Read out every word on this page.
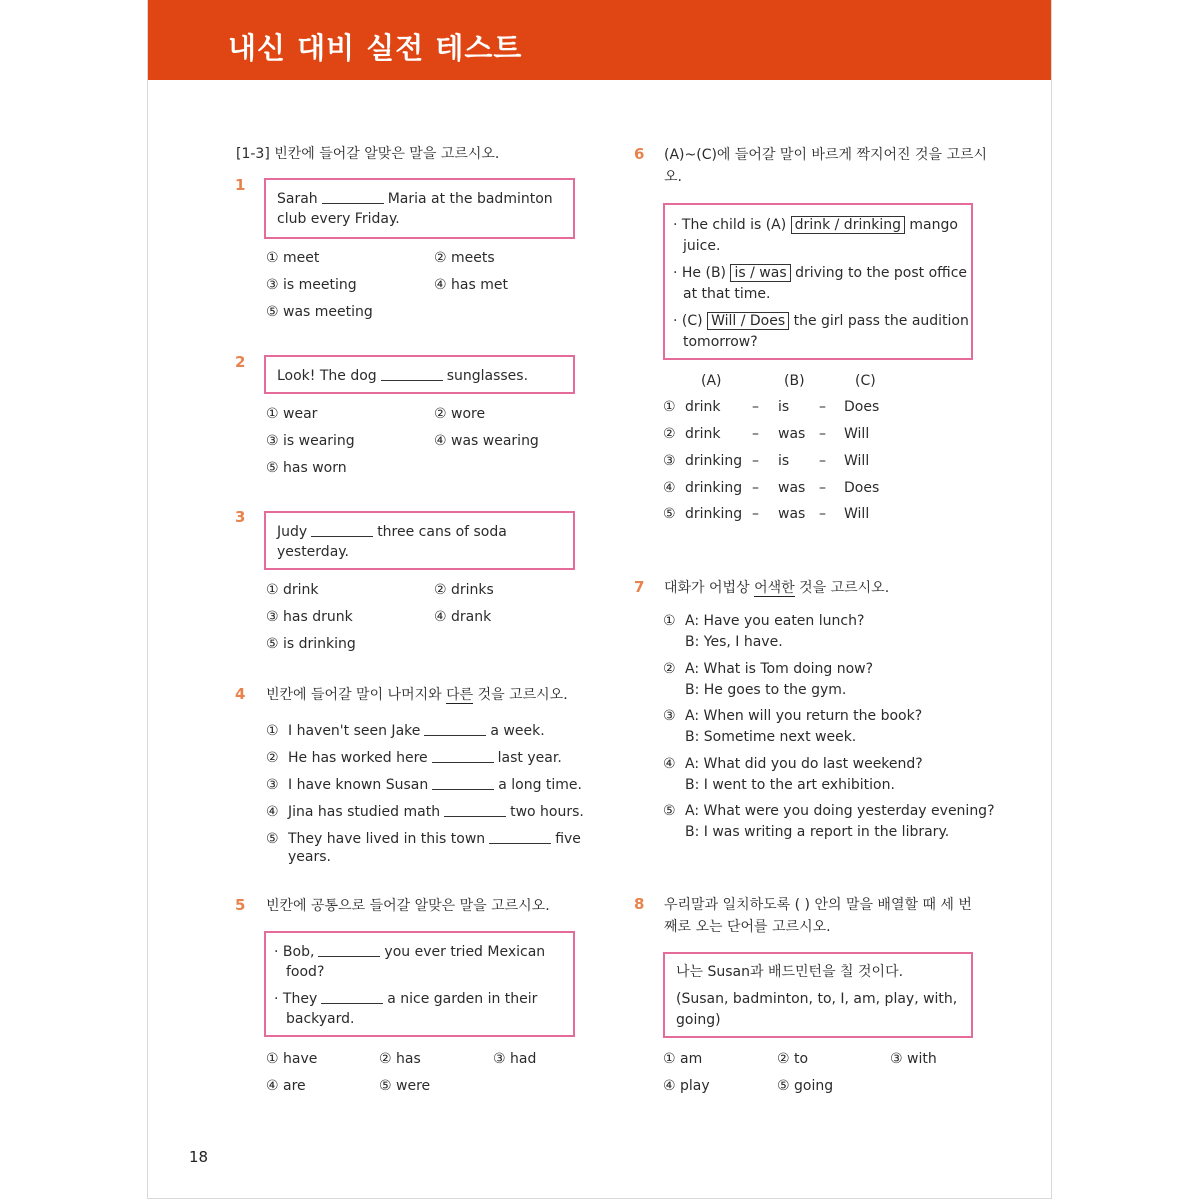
내신 대비 실전 테스트
[1-3] 빈칸에 들어갈 알맞은 말을 고르시오.
1
Sarah	Maria at the badminton
club every Friday.
① meet	② meets
③ is meeting	④ has met
⑤ was meeting
2
Look! The dog	sunglasses.
① wear	② wore
③ is wearing	④ was wearing
⑤ has worn
3
Judy	three cans of soda
yesterday.
① drink	② drinks
③ has drunk	④ drank
⑤ is drinking
4 빈칸에 들어갈 말이 나머지와 다른 것을 고르시오.
① I haven't seen Jake	a week.
② He has worked here	last year.
③ I have known Susan	a long time.
④ Jina has studied math	two hours.
⑤ They have lived in this town	five
years.
5 빈칸에 공통으로 들어갈 알맞은 말을 고르시오.
· Bob,	you ever tried Mexican
food?
· They	a nice garden in their
backyard.
① have	② has	③ had
④ are	⑤ were
6 (A)~(C)에 들어갈 말이 바르게 짝지어진 것을 고르시
오.
· The child is (A) drink / drinking mango
juice.
· He (B) is / was driving to the post office
at that time.
· (C) Will / Does the girl pass the audition
tomorrow?
(A)	(B)	(C)
① drink – is – Does
② drink – was – Will
③ drinking – is – Will
④ drinking – was – Does
⑤ drinking – was – Will
7 대화가 어법상 어색한 것을 고르시오.
① A: Have you eaten lunch?
B: Yes, I have.
② A: What is Tom doing now?
B: He goes to the gym.
③ A: When will you return the book?
B: Sometime next week.
④ A: What did you do last weekend?
B: I went to the art exhibition.
⑤ A: What were you doing yesterday evening?
B: I was writing a report in the library.
8 우리말과 일치하도록 ( ) 안의 말을 배열할 때 세 번
째로 오는 단어를 고르시오.
나는 Susan과 배드민턴을 칠 것이다.
(Susan, badminton, to, I, am, play, with,
going)
① am	② to	③ with
④ play	⑤ going
18
